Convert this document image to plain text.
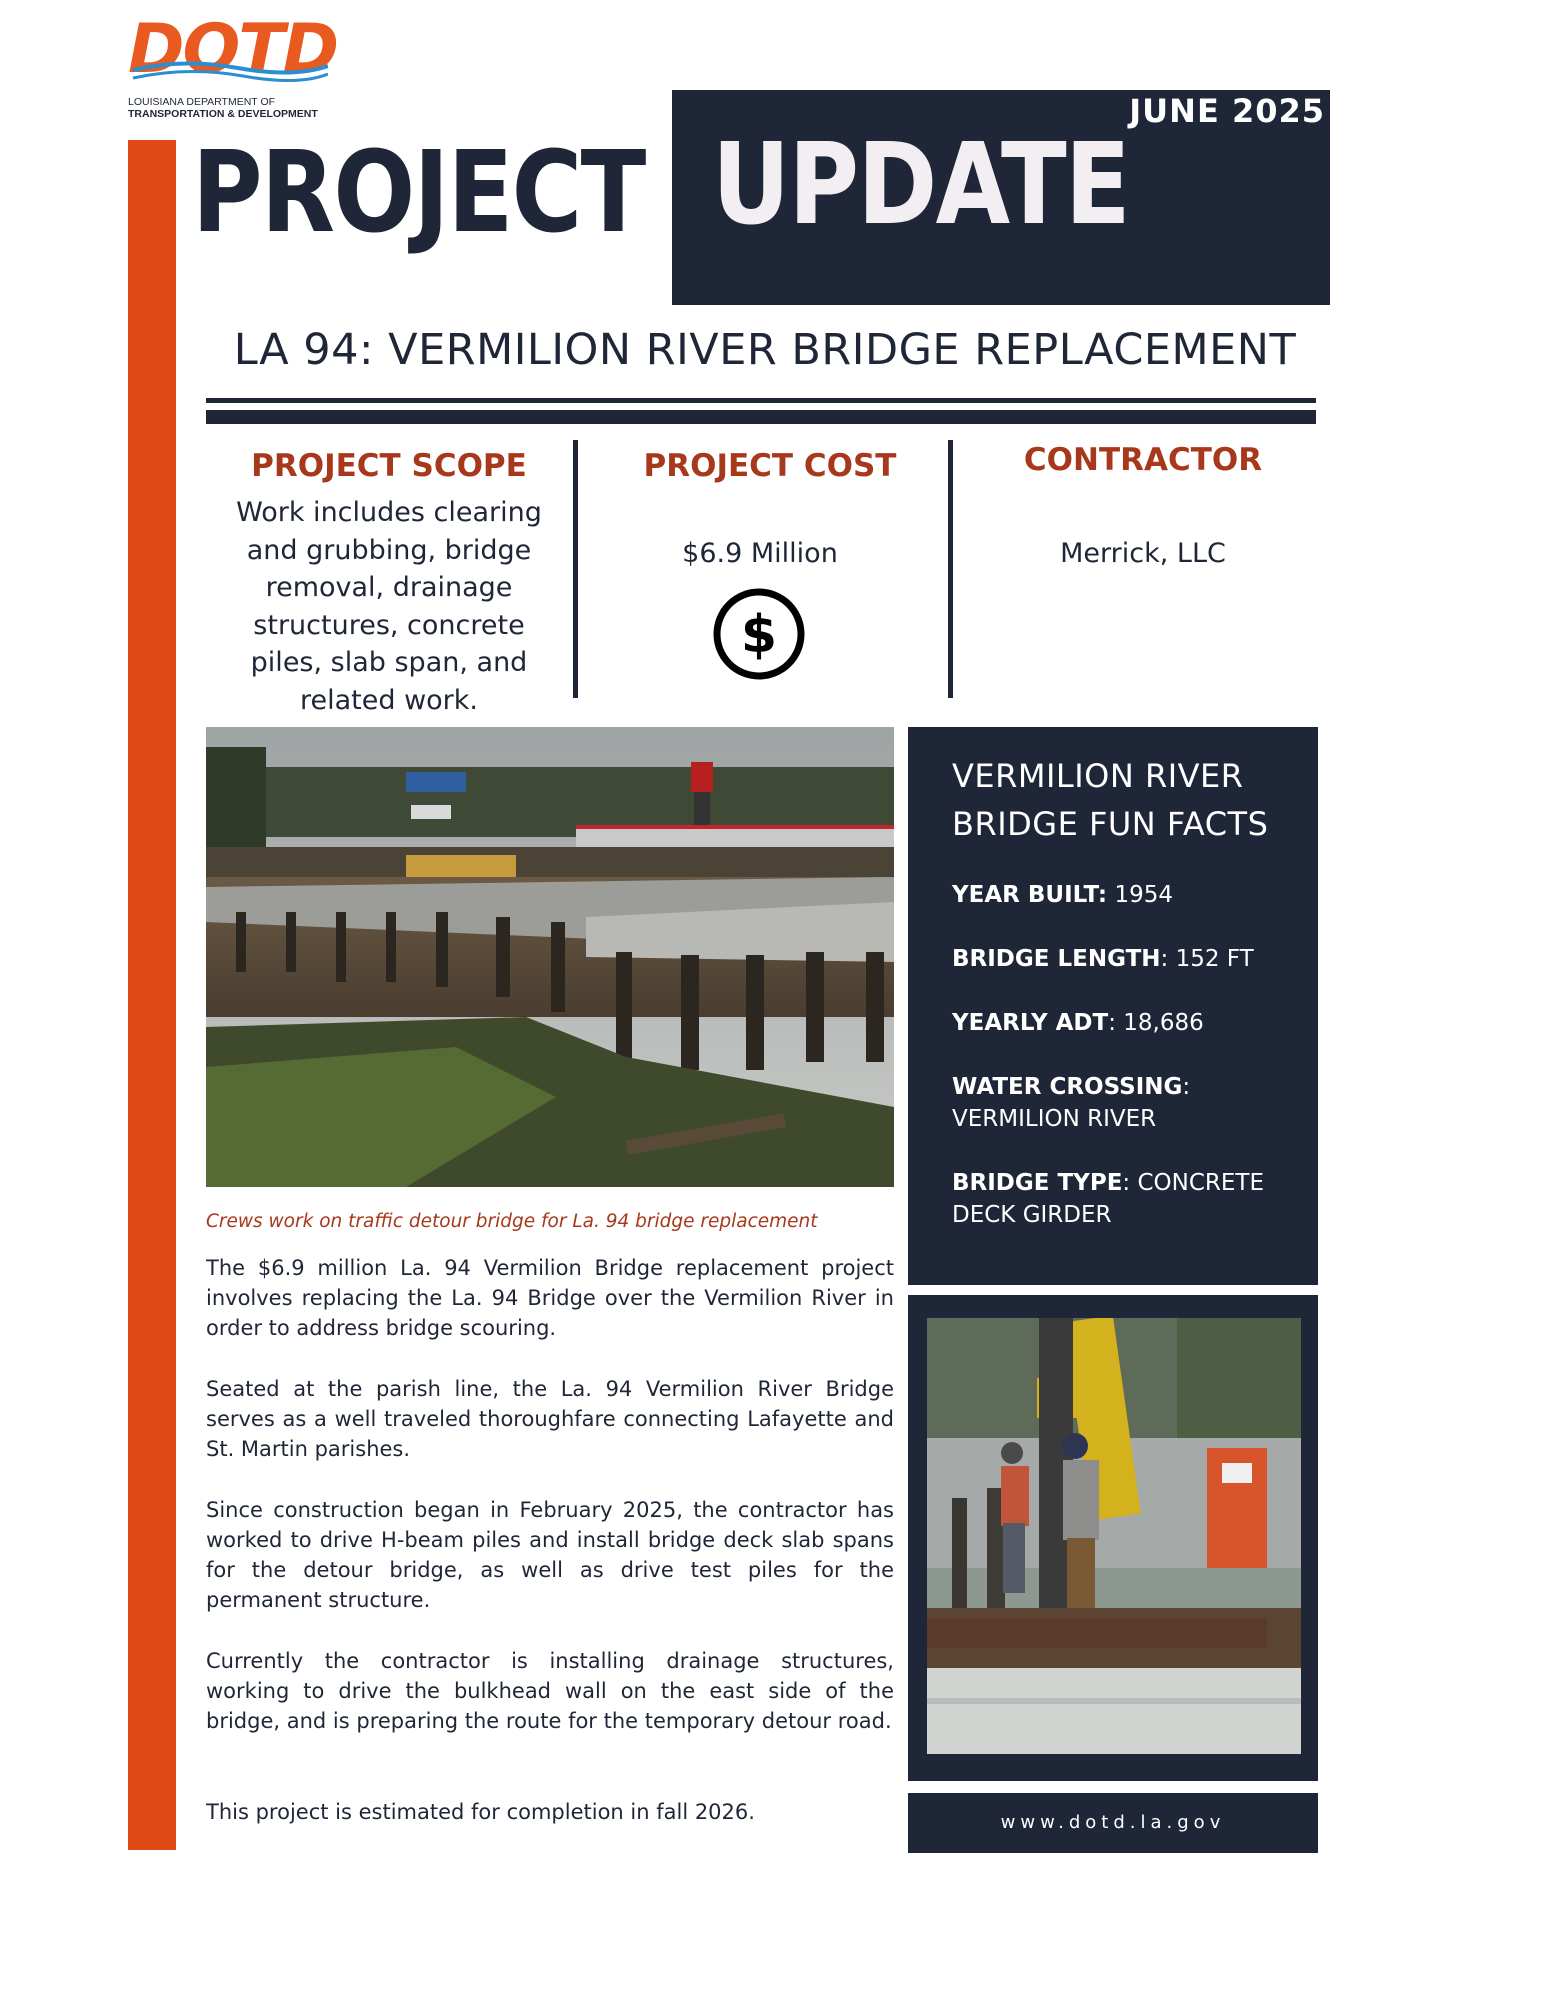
DOTD
LOUISIANA DEPARTMENT OF
TRANSPORTATION & DEVELOPMENT	JUNE 2025
PROJECT UPDATE
LA 94: VERMILION RIVER BRIDGE REPLACEMENT
PROJECT SCOPE
Work includes clearing
and grubbing, bridge
removal, drainage
structures, concrete
piles, slab span, and
related work.
PROJECT COST
$6.9 Million
$
CONTRACTOR
Merrick, LLC
Crews work on traffic detour bridge for La. 94 bridge replacement
The $6.9 million La. 94 Vermilion Bridge replacement project involves replacing the La. 94 Bridge over the Vermilion River in order to address bridge scouring.
Seated at the parish line, the La. 94 Vermilion River Bridge serves as a well traveled thoroughfare connecting Lafayette and St. Martin parishes.
Since construction began in February 2025, the contractor has worked to drive H-beam piles and install bridge deck slab spans for the detour bridge, as well as drive test piles for the permanent structure.
Currently the contractor is installing drainage structures, working to drive the bulkhead wall on the east side of the bridge, and is preparing the route for the temporary detour road.
This project is estimated for completion in fall 2026.
VERMILION RIVER
BRIDGE FUN FACTS
YEAR BUILT: 1954
BRIDGE LENGTH: 152 FT
YEARLY ADT: 18,686
WATER CROSSING:
VERMILION RIVER
BRIDGE TYPE: CONCRETE
DECK GIRDER
www.dotd.la.gov
